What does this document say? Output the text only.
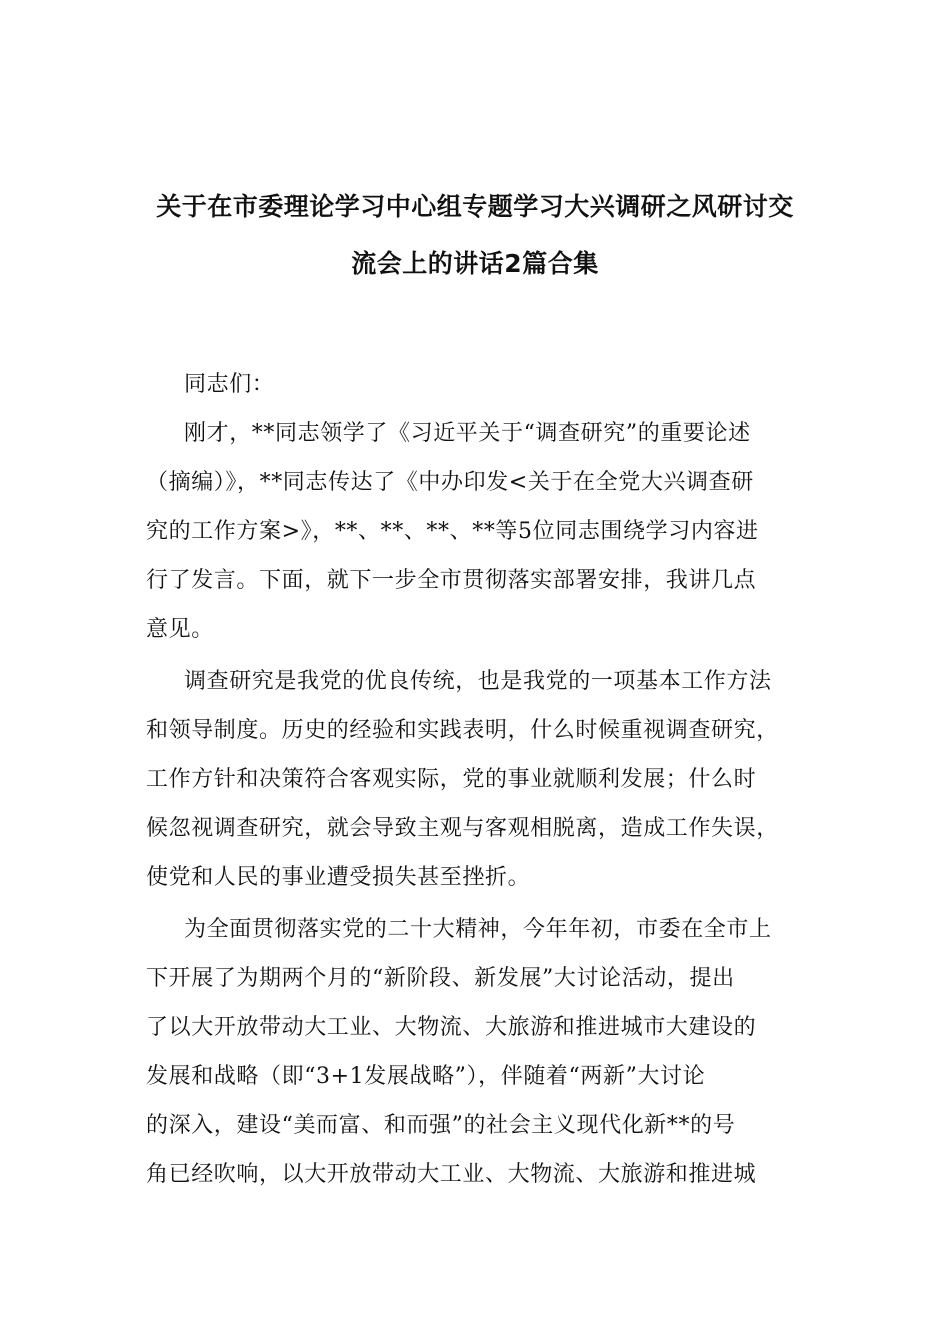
关于在市委理论学习中心组专题学习大兴调研之风研讨交
流会上的讲话2篇合集

同志们：

刚才，**同志领学了《习近平关于“调查研究”的重要论述
（摘编）》，**同志传达了《中办印发<关于在全党大兴调查研
究的工作方案>》，**、**、**、**等5位同志围绕学习内容进
行了发言。下面，就下一步全市贯彻落实部署安排，我讲几点
意见。

调查研究是我党的优良传统，也是我党的一项基本工作方法
和领导制度。历史的经验和实践表明，什么时候重视调查研究，
工作方针和决策符合客观实际，党的事业就顺利发展；什么时
候忽视调查研究，就会导致主观与客观相脱离，造成工作失误，
使党和人民的事业遭受损失甚至挫折。

为全面贯彻落实党的二十大精神，今年年初，市委在全市上
下开展了为期两个月的“新阶段、新发展”大讨论活动，提出
了以大开放带动大工业、大物流、大旅游和推进城市大建设的
发展和战略（即“3+1发展战略”），伴随着“两新”大讨论
的深入，建设“美而富、和而强”的社会主义现代化新**的号
角已经吹响，以大开放带动大工业、大物流、大旅游和推进城
